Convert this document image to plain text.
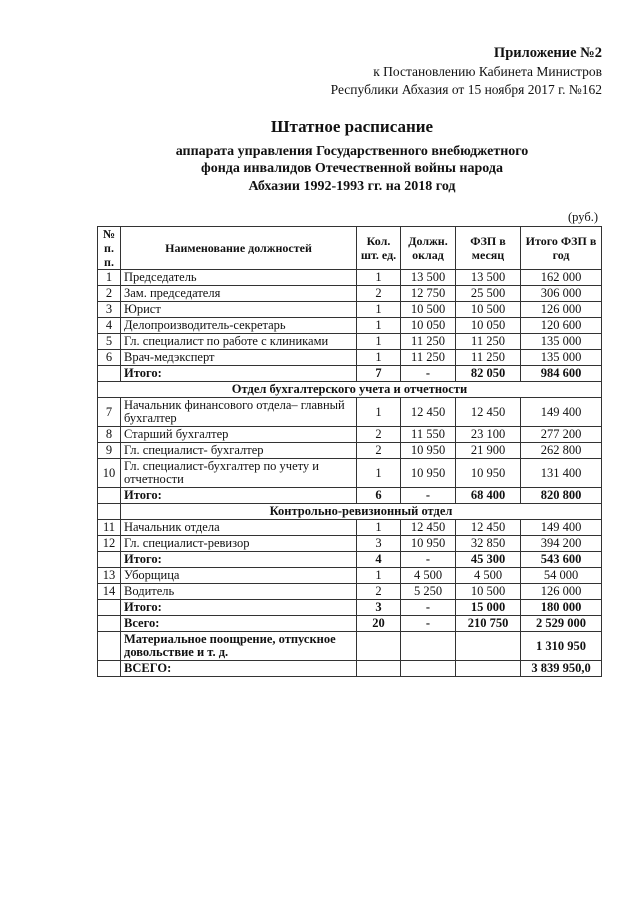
Приложение №2
к Постановлению Кабинета Министров
Республики Абхазия от 15 ноября 2017 г. №162
Штатное расписание
аппарата управления Государственного внебюджетного
фонда инвалидов Отечественной войны народа
Абхазии 1992-1993 гг. на 2018 год
(руб.)
№ п. п.	Наименование должностей	Кол. шт. ед.	Должн. оклад	ФЗП в месяц	Итого ФЗП в год
1	Председатель	1	13 500	13 500	162 000
2	Зам. председателя	2	12 750	25 500	306 000
3	Юрист	1	10 500	10 500	126 000
4	Делопроизводитель-секретарь	1	10 050	10 050	120 600
5	Гл. специалист по работе с клиниками	1	11 250	11 250	135 000
6	Врач-медэксперт	1	11 250	11 250	135 000
	Итого:	7	-	82 050	984 600
Отдел бухгалтерского учета и отчетности					
7	Начальник финансового отдела– главный бухгалтер	1	12 450	12 450	149 400
8	Старший бухгалтер	2	11 550	23 100	277 200
9	Гл. специалист- бухгалтер	2	10 950	21 900	262 800
10	Гл. специалист-бухгалтер по учету и отчетности	1	10 950	10 950	131 400
	Итого:	6	-	68 400	820 800
	Контрольно-ревизионный отдел				
11	Начальник отдела	1	12 450	12 450	149 400
12	Гл. специалист-ревизор	3	10 950	32 850	394 200
	Итого:	4	-	45 300	543 600
13	Уборщица	1	4 500	4 500	54 000
14	Водитель	2	5 250	10 500	126 000
	Итого:	3	-	15 000	180 000
	Всего:	20	-	210 750	2 529 000
	Материальное поощрение, отпускное довольствие и т. д.				1 310 950
	ВСЕГО:				3 839 950,0
